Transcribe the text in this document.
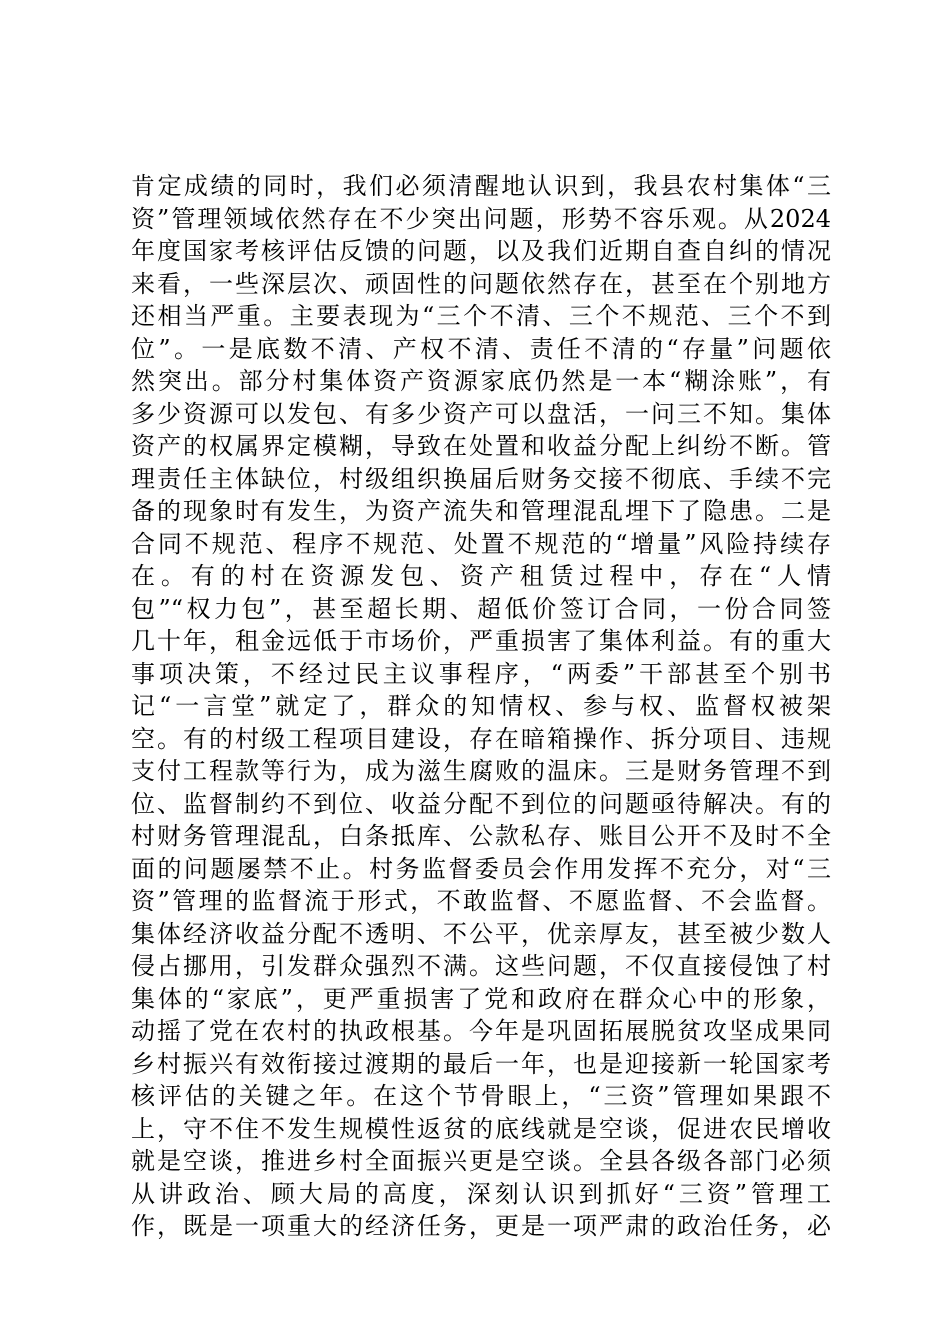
肯定成绩的同时，我们必须清醒地认识到，我县农村集体“三
资”管理领域依然存在不少突出问题，形势不容乐观。从2024
年度国家考核评估反馈的问题，以及我们近期自查自纠的情况
来看，一些深层次、顽固性的问题依然存在，甚至在个别地方
还相当严重。主要表现为“三个不清、三个不规范、三个不到
位”。一是底数不清、产权不清、责任不清的“存量”问题依
然突出。部分村集体资产资源家底仍然是一本“糊涂账”，有
多少资源可以发包、有多少资产可以盘活，一问三不知。集体
资产的权属界定模糊，导致在处置和收益分配上纠纷不断。管
理责任主体缺位，村级组织换届后财务交接不彻底、手续不完
备的现象时有发生，为资产流失和管理混乱埋下了隐患。二是
合同不规范、程序不规范、处置不规范的“增量”风险持续存
在。有的村在资源发包、资产租赁过程中，存在“人情
包”“权力包”，甚至超长期、超低价签订合同，一份合同签
几十年，租金远低于市场价，严重损害了集体利益。有的重大
事项决策，不经过民主议事程序，“两委”干部甚至个别书
记“一言堂”就定了，群众的知情权、参与权、监督权被架
空。有的村级工程项目建设，存在暗箱操作、拆分项目、违规
支付工程款等行为，成为滋生腐败的温床。三是财务管理不到
位、监督制约不到位、收益分配不到位的问题亟待解决。有的
村财务管理混乱，白条抵库、公款私存、账目公开不及时不全
面的问题屡禁不止。村务监督委员会作用发挥不充分，对“三
资”管理的监督流于形式，不敢监督、不愿监督、不会监督。
集体经济收益分配不透明、不公平，优亲厚友，甚至被少数人
侵占挪用，引发群众强烈不满。这些问题，不仅直接侵蚀了村
集体的“家底”，更严重损害了党和政府在群众心中的形象，
动摇了党在农村的执政根基。今年是巩固拓展脱贫攻坚成果同
乡村振兴有效衔接过渡期的最后一年，也是迎接新一轮国家考
核评估的关键之年。在这个节骨眼上，“三资”管理如果跟不
上，守不住不发生规模性返贫的底线就是空谈，促进农民增收
就是空谈，推进乡村全面振兴更是空谈。全县各级各部门必须
从讲政治、顾大局的高度，深刻认识到抓好“三资”管理工
作，既是一项重大的经济任务，更是一项严肃的政治任务，必
